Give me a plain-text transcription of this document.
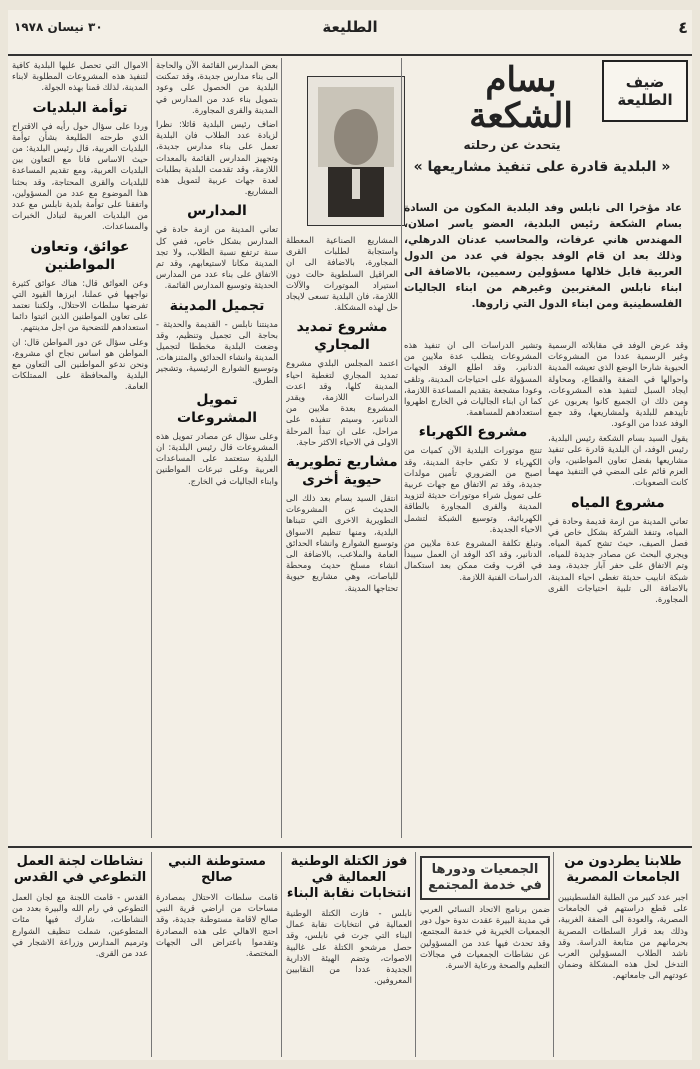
٤
الطليعة
٣٠ نيسان ١٩٧٨
ضيف الطليعة
بسام الشكعة
يتحدث عن رحلته
« البلدية قادرة على تنفيذ مشاريعها »
عاد مؤخرا الى نابلس وفد البلدية المكون من السادة بسام الشكعة رئيس البلدية، العضو ياسر اصلان، المهندس هاني عرفات، والمحاسب عدنان الدرهلي، وذلك بعد ان قام الوفد بجولة في عدد من الدول العربية فابل خلالها مسؤولين رسميين، بالاضافة الى ابناء نابلس المغتربين وغيرهم من ابناء الجاليات الفلسطينية ومن ابناء الدول التي زاروها.

وقد عرض الوفد في مقابلاته الرسمية وغير الرسمية عددا من المشروعات الحيوية شارحا الوضع الذي تعيشه المدينة واحوالها في الضفة والقطاع، ومحاولة ايجاد السبل لتنفيذ هذه المشروعات، ومن ذلك ان الجميع كانوا يعربون عن تأييدهم للبلدية ولمشاريعها، وقد جمع الوفد عددا من الوعود.

يقول السيد بسام الشكعة رئيس البلدية، رئيس الوفد، ان البلدية قادرة على تنفيذ مشاريعها بفضل تعاون المواطنين، وان العزم قائم على المضي في التنفيذ مهما كانت الصعوبات.

مشروع المياه

تعاني المدينة من ازمة قديمة وحادة في المياه، وتنفذ الشركة بشكل خاص في فصل الصيف، حيث تشح كمية المياه. ويجري البحث عن مصادر جديدة للمياه، وتم الاتفاق على حفر آبار جديدة، ومد شبكة انابيب حديثة تغطي احياء المدينة، بالاضافة الى تلبية احتياجات القرى المجاورة.

وتشير الدراسات الى ان تنفيذ هذه المشروعات يتطلب عدة ملايين من الدنانير، وقد اطلع الوفد الجهات المسؤولة على احتياجات المدينة، وتلقى وعودا مشجعة بتقديم المساعدة اللازمة، كما ان ابناء الجاليات في الخارج اظهروا استعدادهم للمساهمة.

مشروع الكهرباء

تنتج موتورات البلدية الآن كميات من الكهرباء لا تكفي حاجة المدينة، وقد اصبح من الضروري تأمين مولدات جديدة، وقد تم الاتفاق مع جهات عربية على تمويل شراء موتورات حديثة لتزويد المدينة والقرى المجاورة بالطاقة الكهربائية، وتوسيع الشبكة لتشمل الاحياء الجديدة.

وتبلغ تكلفة المشروع عدة ملايين من الدنانير، وقد اكد الوفد ان العمل سيبدأ في اقرب وقت ممكن بعد استكمال الدراسات الفنية اللازمة.

المشاريع الصناعية المعطلة واستجابة لطلبات القرى المجاورة، بالاضافة الى ان العراقيل السلطوية حالت دون استيراد الموتورات والآلات اللازمة، فان البلدية تسعى لايجاد حل لهذه المشكلة.

مشروع تمديد المجاري

اعتمد المجلس البلدي مشروع تمديد المجاري لتغطية احياء المدينة كلها، وقد اعدت الدراسات اللازمة، ويقدر المشروع بعدة ملايين من الدنانير، وسيتم تنفيذه على مراحل، على ان تبدأ المرحلة الاولى في الاحياء الاكثر حاجة.

مشاريع تطويرية حيوية أخرى

انتقل السيد بسام بعد ذلك الى الحديث عن المشروعات التطويرية الاخرى التي تتبناها البلدية، ومنها تنظيم الاسواق وتوسيع الشوارع وانشاء الحدائق العامة والملاعب، بالاضافة الى انشاء مسلخ حديث ومحطة للباصات، وهي مشاريع حيوية تحتاجها المدينة.

بعض المدارس القائمة الآن والحاجة الى بناء مدارس جديدة، وقد تمكنت البلدية من الحصول على وعود بتمويل بناء عدد من المدارس في المدينة والقرى المجاورة.

اضاف رئيس البلدية قائلا: نظرا لزيادة عدد الطلاب فان البلدية تعمل على بناء مدارس جديدة، وتجهيز المدارس القائمة بالمعدات اللازمة، وقد تقدمت البلدية بطلبات لعدة جهات عربية لتمويل هذه المشاريع.

المدارس

تعاني المدينة من ازمة حادة في المدارس بشكل خاص، ففي كل سنة ترتفع نسبة الطلاب، ولا تجد المدينة مكانا لاستيعابهم، وقد تم الاتفاق على بناء عدد من المدارس الحديثة وتوسيع المدارس القائمة.

تجميل المدينة

مدينتنا نابلس - القديمة والحديثة - بحاجة الى تجميل وتنظيم، وقد وضعت البلدية مخططا لتجميل المدينة وانشاء الحدائق والمتنزهات، وتوسيع الشوارع الرئيسية، وتشجير الطرق.

تمويل المشروعات

وعلى سؤال عن مصادر تمويل هذه المشروعات قال رئيس البلدية: ان البلدية ستعتمد على المساعدات العربية وعلى تبرعات المواطنين وابناء الجاليات في الخارج.

الاموال التي تحصل عليها البلدية كافية لتنفيذ هذه المشروعات المطلوبة لابناء المدينة، لذلك قمنا بهذه الجولة.

توأمة البلديات

وردا على سؤال حول رأيه في الاقتراح الذي طرحته الطليعة بشأن توأمة البلديات العربية، قال رئيس البلدية: من حيث الاساس فانا مع التعاون بين البلديات العربية، ومع تقديم المساعدة للبلديات والقرى المحتاجة، وقد بحثنا هذا الموضوع مع عدد من المسؤولين، واتفقنا على توأمة بلدية نابلس مع عدد من البلديات العربية لتبادل الخبرات والمساعدات.

عوائق، وتعاون المواطنين

وعن العوائق قال: هناك عوائق كثيرة نواجهها في عملنا، ابرزها القيود التي تفرضها سلطات الاحتلال، ولكننا نعتمد على تعاون المواطنين الذين اثبتوا دائما استعدادهم للتضحية من اجل مدينتهم.

وعلى سؤال عن دور المواطن قال: ان المواطن هو اساس نجاح اي مشروع، ونحن ندعو المواطنين الى التعاون مع البلدية والمحافظة على الممتلكات العامة.

طلابنا يطردون من الجامعات المصرية

اجبر عدد كبير من الطلبة الفلسطينيين على قطع دراستهم في الجامعات المصرية، والعودة الى الضفة الغربية، وذلك بعد قرار السلطات المصرية بحرمانهم من متابعة الدراسة. وقد ناشد الطلاب المسؤولين العرب التدخل لحل هذه المشكلة وضمان عودتهم الى جامعاتهم.

الجمعيات ودورها في خدمة المجتمع

ضمن برنامج الاتحاد النسائي العربي في مدينة البيرة عقدت ندوة حول دور الجمعيات الخيرية في خدمة المجتمع، وقد تحدث فيها عدد من المسؤولين عن نشاطات الجمعيات في مجالات التعليم والصحة ورعاية الاسرة.

فوز الكتلة الوطنية العمالية في انتخابات نقابة البناء

نابلس - فازت الكتلة الوطنية العمالية في انتخابات نقابة عمال البناء التي جرت في نابلس، وقد حصل مرشحو الكتلة على غالبية الاصوات، وتضم الهيئة الادارية الجديدة عددا من النقابيين المعروفين.

مستوطنة النبي صالح

قامت سلطات الاحتلال بمصادرة مساحات من اراضي قرية النبي صالح لاقامة مستوطنة جديدة، وقد احتج الاهالي على هذه المصادرة وتقدموا باعتراض الى الجهات المختصة.

نشاطات لجنة العمل التطوعي في القدس

القدس - قامت اللجنة مع لجان العمل التطوعي في رام الله والبيرة بعدد من النشاطات، شارك فيها مئات المتطوعين، شملت تنظيف الشوارع وترميم المدارس وزراعة الاشجار في عدد من القرى.
